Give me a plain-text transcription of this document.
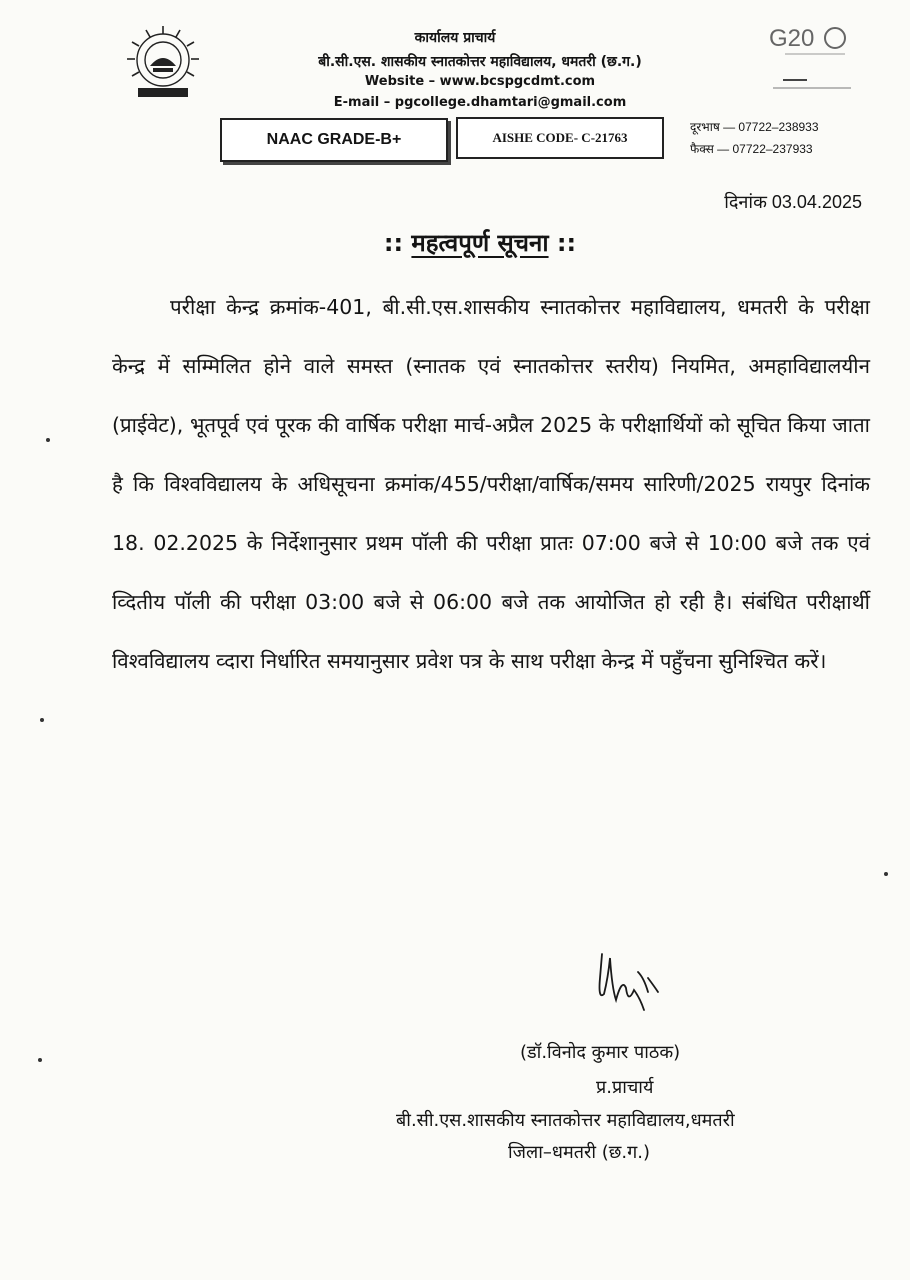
G20
कार्यालय प्राचार्य
बी.सी.एस. शासकीय स्नातकोत्तर महाविद्यालय, धमतरी (छ.ग.)
Website – www.bcspgcdmt.com
E-mail – pgcollege.dhamtari@gmail.com
NAAC GRADE-B+	AISHE CODE- C-21763
दूरभाष — 07722–238933
फैक्स — 07722–237933
दिनांक 03.04.2025
:: महत्वपूर्ण सूचना ::
परीक्षा केन्द्र क्रमांक-401, बी.सी.एस.शासकीय स्नातकोत्तर महाविद्यालय, धमतरी के परीक्षा केन्द्र में सम्मिलित होने वाले समस्त (स्नातक एवं स्नातकोत्तर स्तरीय) नियमित, अमहाविद्यालयीन (प्राईवेट), भूतपूर्व एवं पूरक की वार्षिक परीक्षा मार्च-अप्रैल 2025 के परीक्षार्थियों को सूचित किया जाता है कि विश्वविद्यालय के अधिसूचना क्रमांक/455/परीक्षा/वार्षिक/समय सारिणी/2025 रायपुर दिनांक 18. 02.2025 के निर्देशानुसार प्रथम पॉली की परीक्षा प्रातः 07:00 बजे से 10:00 बजे तक एवं व्दितीय पॉली की परीक्षा 03:00 बजे से 06:00 बजे तक आयोजित हो रही है। संबंधित परीक्षार्थी विश्वविद्यालय व्दारा निर्धारित समयानुसार प्रवेश पत्र के साथ परीक्षा केन्द्र में पहुँचना सुनिश्चित करें।
(डॉ.विनोद कुमार पाठक)
प्र.प्राचार्य
बी.सी.एस.शासकीय स्नातकोत्तर महाविद्यालय,धमतरी
जिला–धमतरी (छ.ग.)
